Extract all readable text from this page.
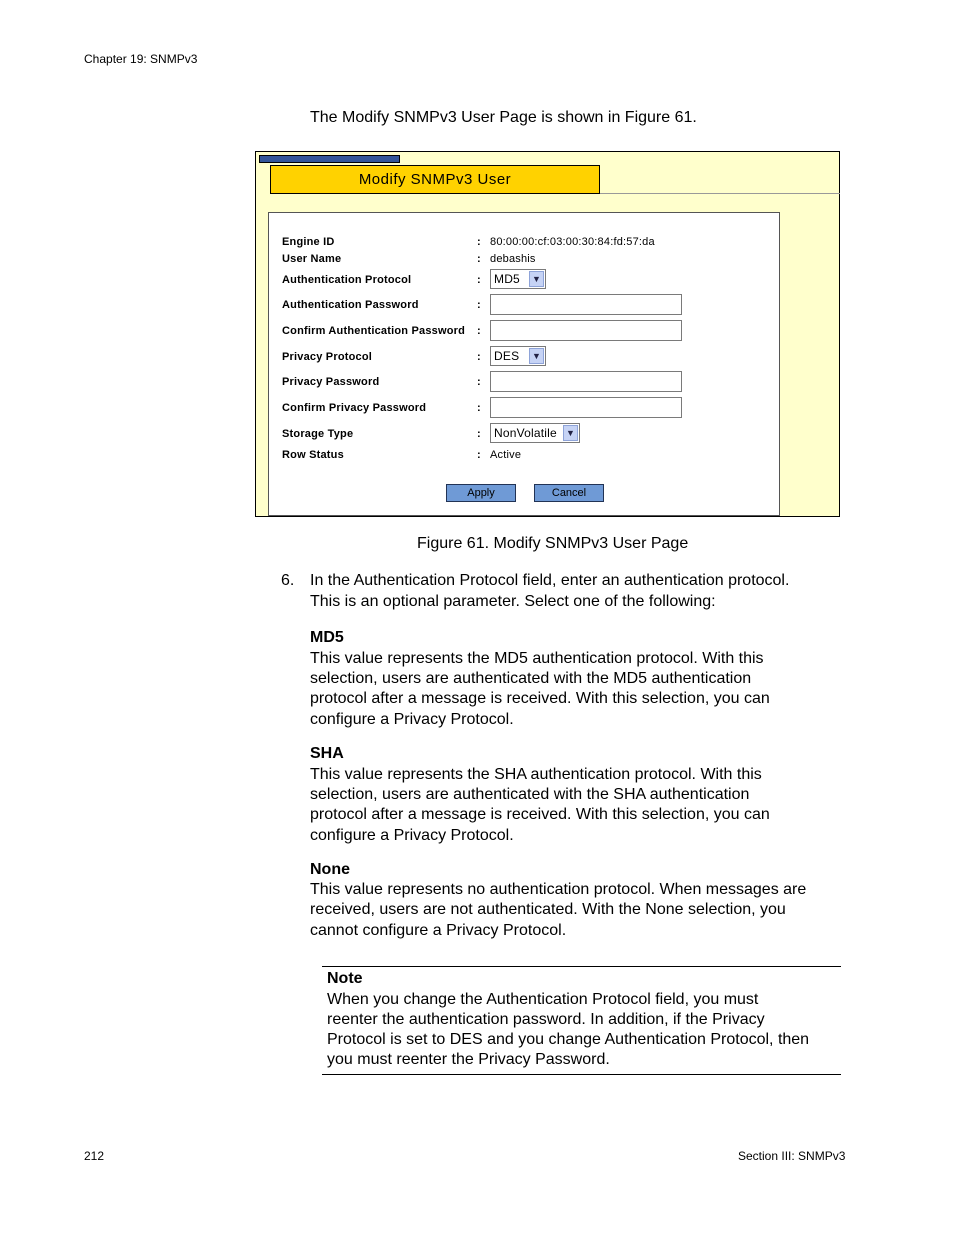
Chapter 19: SNMPv3
The Modify SNMPv3 User Page is shown in Figure 61.
Modify SNMPv3 User
Engine ID	: 80:00:00:cf:03:00:30:84:fd:57:da
User Name	: debashis
Authentication Protocol	:	MD5	▼
Authentication Password	:
Confirm Authentication Password :
Privacy Protocol	:	DES	▼
Privacy Password	:
Confirm Privacy Password	:
Storage Type	:	NonVolatile	▼
Row Status	: Active
Apply	Cancel
Figure 61. Modify SNMPv3 User Page
6. In the Authentication Protocol field, enter an authentication protocol.
This is an optional parameter. Select one of the following:
MD5
This value represents the MD5 authentication protocol. With this
selection, users are authenticated with the MD5 authentication
protocol after a message is received. With this selection, you can
configure a Privacy Protocol.
SHA
This value represents the SHA authentication protocol. With this
selection, users are authenticated with the SHA authentication
protocol after a message is received. With this selection, you can
configure a Privacy Protocol.
None
This value represents no authentication protocol. When messages are
received, users are not authenticated. With the None selection, you
cannot configure a Privacy Protocol.
Note
When you change the Authentication Protocol field, you must
reenter the authentication password. In addition, if the Privacy
Protocol is set to DES and you change Authentication Protocol, then
you must reenter the Privacy Password.
212	Section III: SNMPv3
